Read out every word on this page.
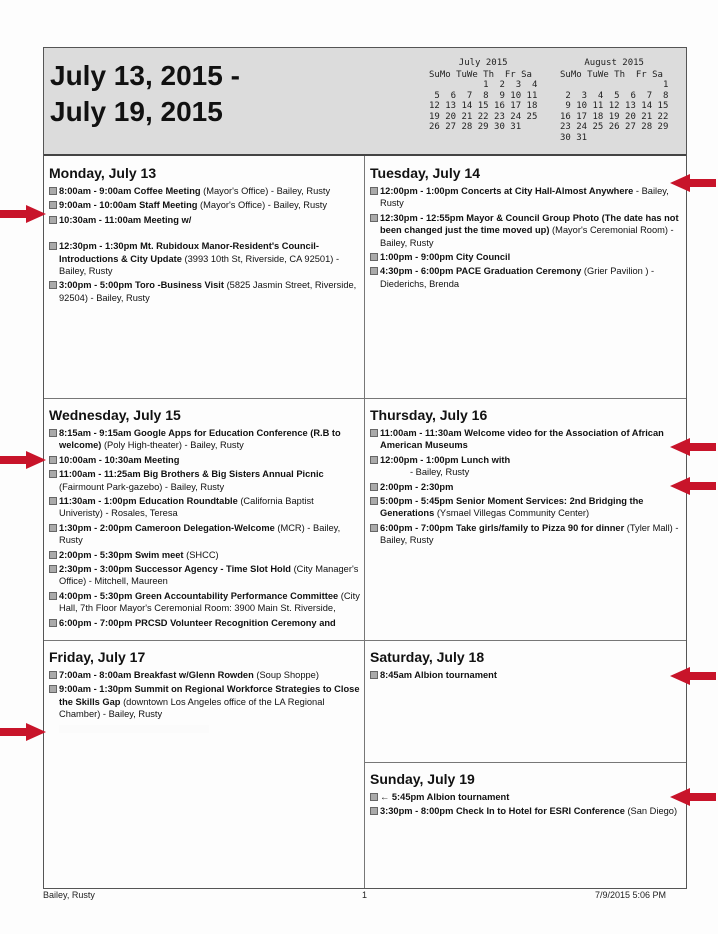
July 13, 2015 -
July 19, 2015
July 2015
SuMo TuWe Th  Fr Sa
1  2  3  4
5  6  7  8  9 10 11
12 13 14 15 16 17 18
19 20 21 22 23 24 25
26 27 28 29 30 31
August 2015
SuMo TuWe Th  Fr Sa
1
2  3  4  5  6  7  8
9 10 11 12 13 14 15
16 17 18 19 20 21 22
23 24 25 26 27 28 29
30 31
Monday, July 13
8:00am - 9:00am Coffee Meeting (Mayor's Office) - Bailey, Rusty
9:00am - 10:00am Staff Meeting (Mayor's Office) - Bailey, Rusty
10:30am - 11:00am Meeting w/
12:30pm - 1:30pm Mt. Rubidoux Manor-Resident's Council-Introductions & City Update (3993 10th St, Riverside, CA 92501) - Bailey, Rusty
3:00pm - 5:00pm Toro -Business Visit (5825 Jasmin Street, Riverside, 92504) - Bailey, Rusty
Tuesday, July 14
12:00pm - 1:00pm Concerts at City Hall-Almost Anywhere - Bailey, Rusty
12:30pm - 12:55pm Mayor & Council Group Photo (The date has not been changed just the time moved up) (Mayor's Ceremonial Room) - Bailey, Rusty
1:00pm - 9:00pm City Council
4:30pm - 6:00pm PACE Graduation Ceremony (Grier Pavilion ) - Diederichs, Brenda
Wednesday, July 15
8:15am - 9:15am Google Apps for Education Conference (R.B to welcome) (Poly High-theater) - Bailey, Rusty
10:00am - 10:30am Meeting
11:00am - 11:25am Big Brothers & Big Sisters Annual Picnic (Fairmount Park-gazebo) - Bailey, Rusty
11:30am - 1:00pm Education Roundtable (California Baptist Univeristy) - Rosales, Teresa
1:30pm - 2:00pm Cameroon Delegation-Welcome (MCR) - Bailey, Rusty
2:00pm - 5:30pm Swim meet (SHCC)
2:30pm - 3:00pm Successor Agency - Time Slot Hold (City Manager's Office) - Mitchell, Maureen
4:00pm - 5:30pm Green Accountability Performance Committee (City Hall, 7th Floor Mayor's Ceremonial Room: 3900 Main St. Riverside,
6:00pm - 7:00pm PRCSD Volunteer Recognition Ceremony and
Thursday, July 16
11:00am - 11:30am Welcome video for the Association of African American Museums
12:00pm - 1:00pm Lunch with
- Bailey, Rusty
2:00pm - 2:30pm
5:00pm - 5:45pm Senior Moment Services: 2nd Bridging the Generations (Ysmael Villegas Community Center)
6:00pm - 7:00pm Take girls/family to Pizza 90 for dinner (Tyler Mall) - Bailey, Rusty
Friday, July 17
7:00am - 8:00am Breakfast w/Glenn Rowden (Soup Shoppe)
9:00am - 1:30pm Summit on Regional Workforce Strategies to Close the Skills Gap (downtown Los Angeles office of the LA Regional Chamber) - Bailey, Rusty
Saturday, July 18
8:45am Albion tournament
Sunday, July 19
← 5:45pm Albion tournament
3:30pm - 8:00pm Check In to Hotel for ESRI Conference (San Diego)
Bailey, Rusty	1	7/9/2015 5:06 PM
